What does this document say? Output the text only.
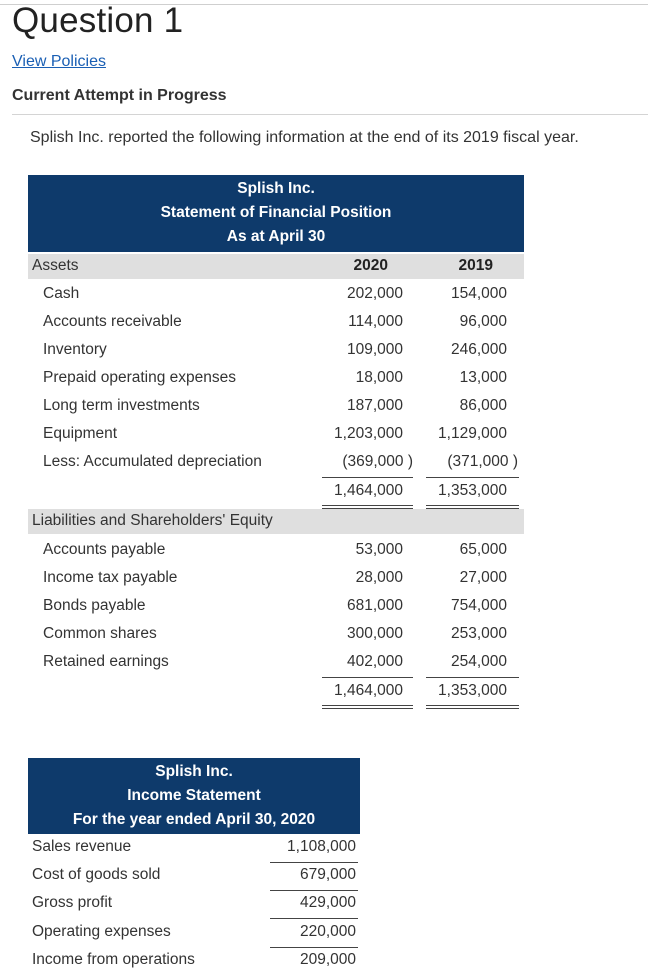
Question 1
View Policies
Current Attempt in Progress
Splish Inc. reported the following information at the end of its 2019 fiscal year.
Splish Inc.
Statement of Financial Position
As at April 30
Assets	2020	2019
Cash	202,000	154,000
Accounts receivable	114,000	96,000
Inventory	109,000	246,000
Prepaid operating expenses	18,000	13,000
Long term investments	187,000	86,000
Equipment	1,203,000	1,129,000
Less: Accumulated depreciation	(369,000 )	(371,000 )
1,464,000	1,353,000
Liabilities and Shareholders' Equity
Accounts payable	53,000	65,000
Income tax payable	28,000	27,000
Bonds payable	681,000	754,000
Common shares	300,000	253,000
Retained earnings	402,000	254,000
1,464,000	1,353,000
Splish Inc.
Income Statement
For the year ended April 30, 2020
Sales revenue	1,108,000
Cost of goods sold	679,000
Gross profit	429,000
Operating expenses	220,000
Income from operations	209,000
